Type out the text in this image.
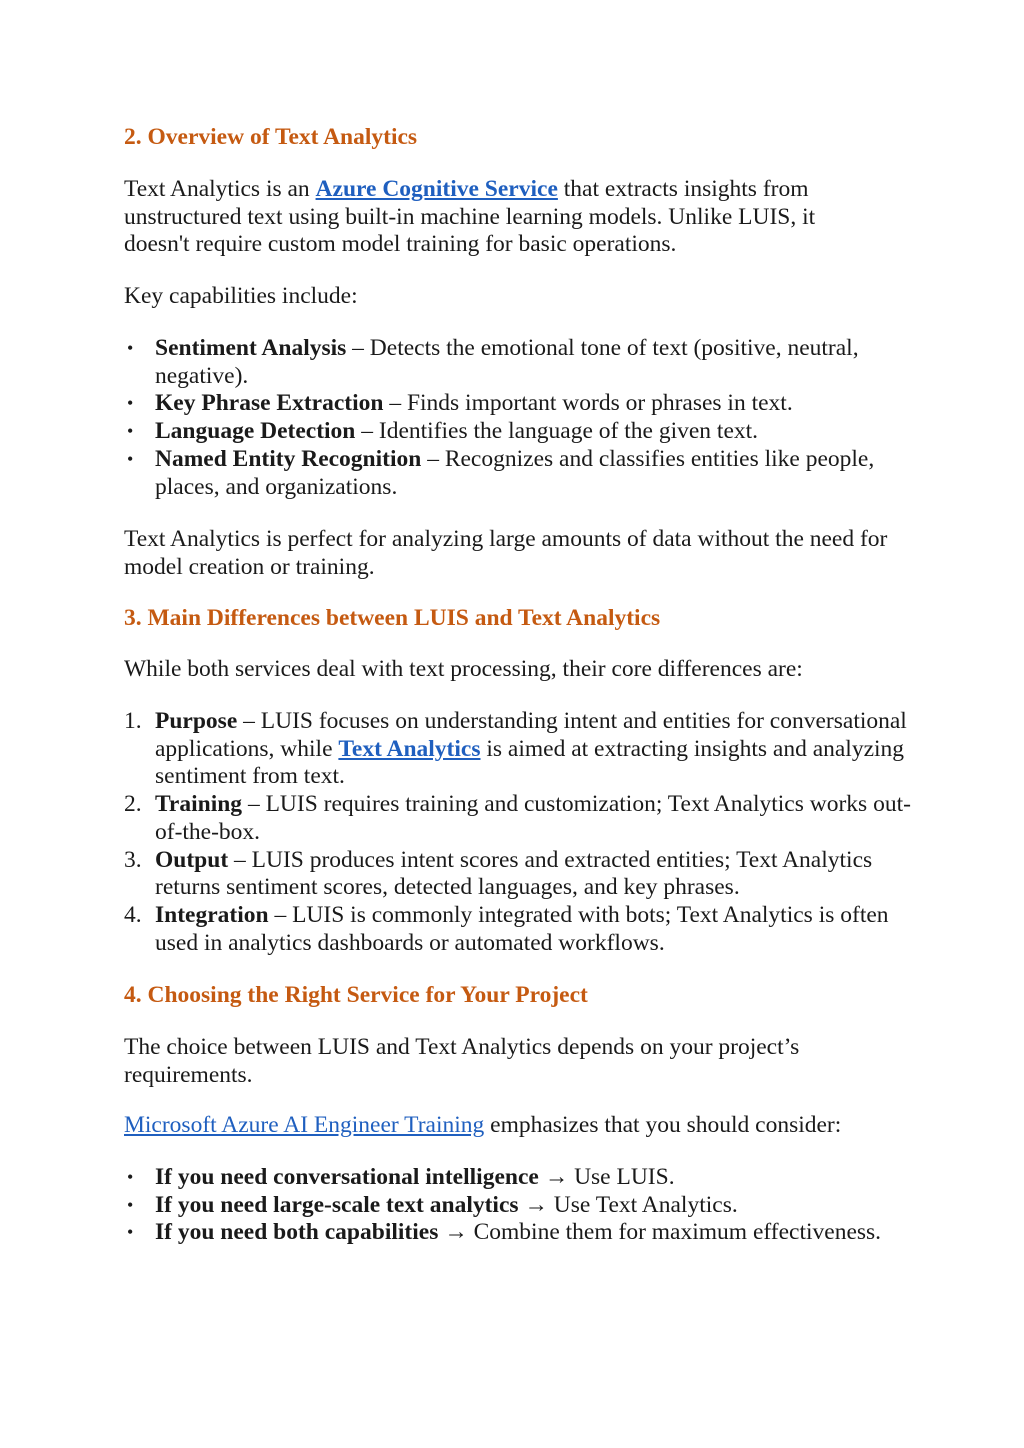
2. Overview of Text Analytics

Text Analytics is an Azure Cognitive Service that extracts insights from unstructured text using built-in machine learning models. Unlike LUIS, it doesn't require custom model training for basic operations.

Key capabilities include:

• Sentiment Analysis – Detects the emotional tone of text (positive, neutral, negative).
• Key Phrase Extraction – Finds important words or phrases in text.
• Language Detection – Identifies the language of the given text.
• Named Entity Recognition – Recognizes and classifies entities like people, places, and organizations.

Text Analytics is perfect for analyzing large amounts of data without the need for model creation or training.

3. Main Differences between LUIS and Text Analytics

While both services deal with text processing, their core differences are:

1. Purpose – LUIS focuses on understanding intent and entities for conversational applications, while Text Analytics is aimed at extracting insights and analyzing sentiment from text.
2. Training – LUIS requires training and customization; Text Analytics works out-of-the-box.
3. Output – LUIS produces intent scores and extracted entities; Text Analytics returns sentiment scores, detected languages, and key phrases.
4. Integration – LUIS is commonly integrated with bots; Text Analytics is often used in analytics dashboards or automated workflows.
4. Choosing the Right Service for Your Project

The choice between LUIS and Text Analytics depends on your project’s requirements.

Microsoft Azure AI Engineer Training emphasizes that you should consider:

• If you need conversational intelligence → Use LUIS.
• If you need large-scale text analytics → Use Text Analytics.
• If you need both capabilities → Combine them for maximum effectiveness.
